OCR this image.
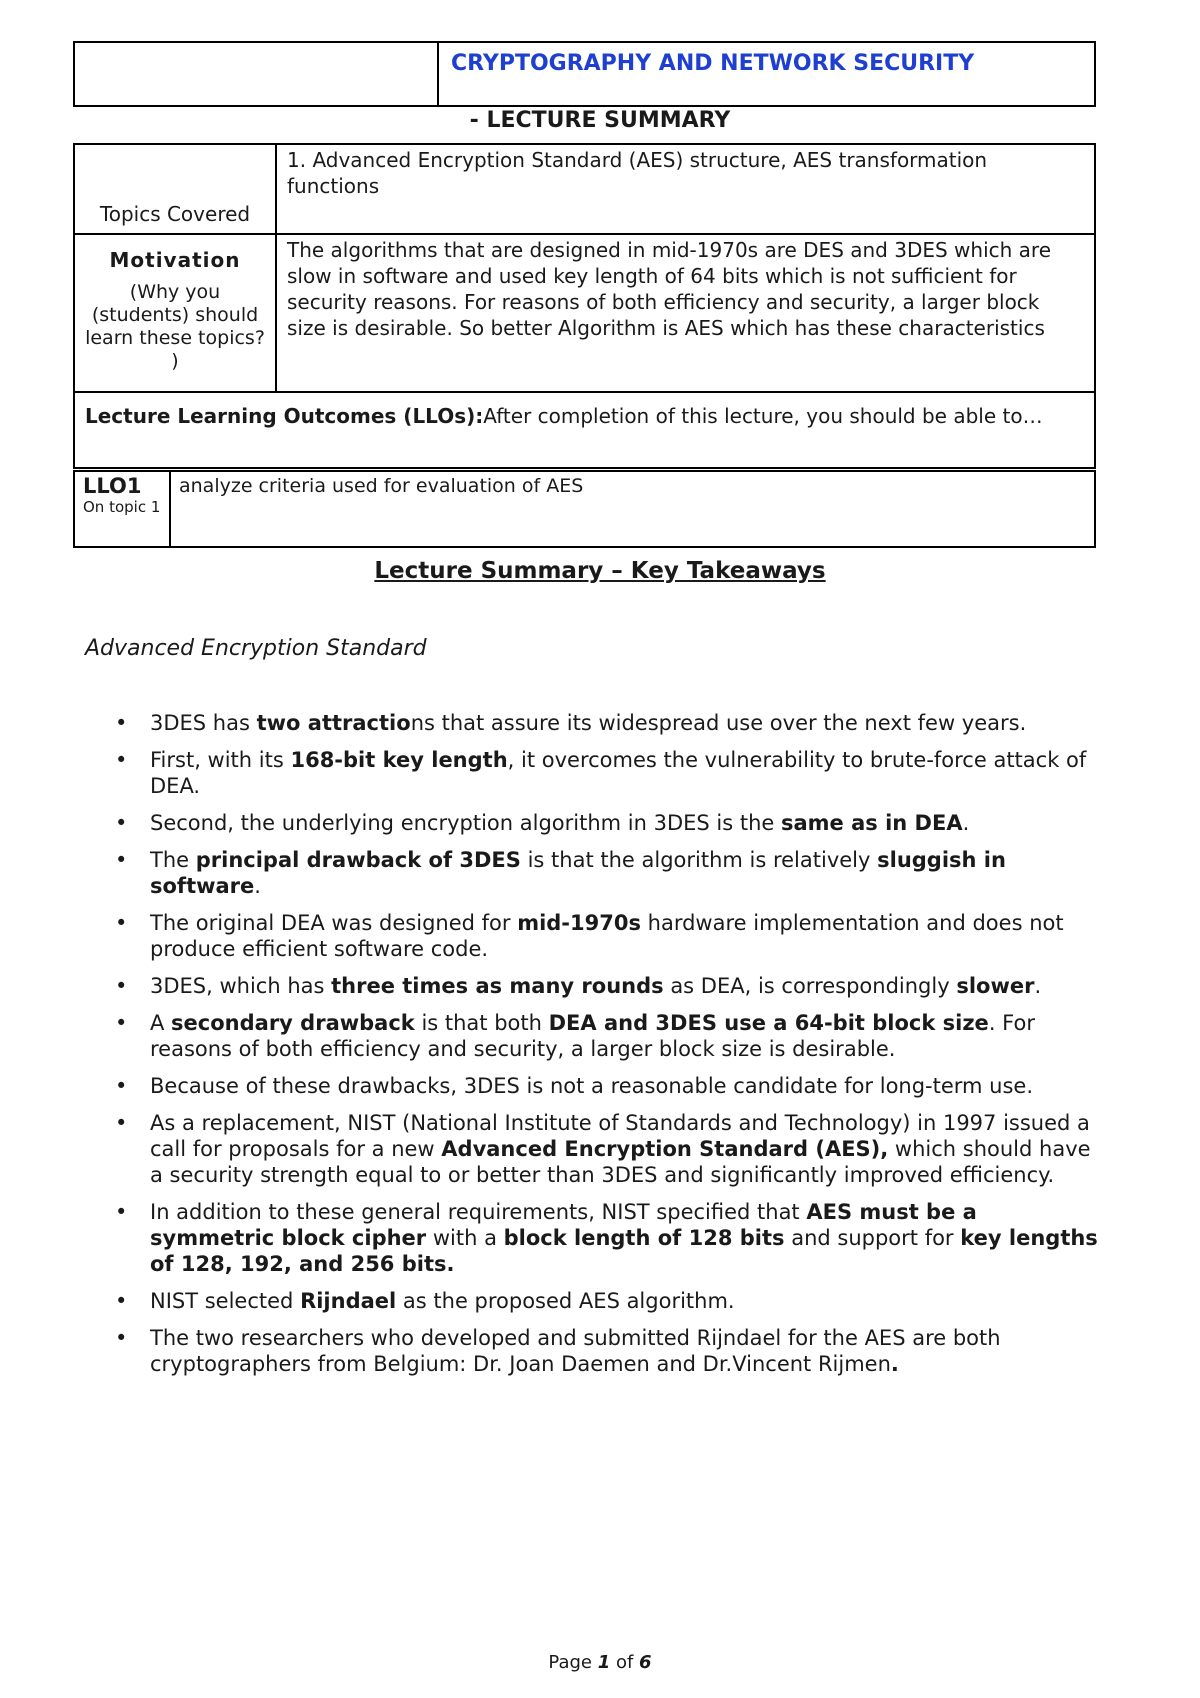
CRYPTOGRAPHY AND NETWORK SECURITY
- LECTURE SUMMARY
Topics Covered	1. Advanced Encryption Standard (AES) structure, AES transformation functions

Motivation
(Why you (students) should learn these topics? )	The algorithms that are designed in mid-1970s are DES and 3DES which are slow in software and used key length of 64 bits which is not sufficient for security reasons. For reasons of both efficiency and security, a larger block size is desirable. So better Algorithm is AES which has these characteristics
Lecture Learning Outcomes (LLOs):After completion of this lecture, you should be able to…	
LLO1
On topic 1
	analyze criteria used for evaluation of AES
Lecture Summary – Key Takeaways
Advanced Encryption Standard
• 3DES has two attractions that assure its widespread use over the next few years.
• First, with its 168-bit key length, it overcomes the vulnerability to brute-force attack of DEA.
• Second, the underlying encryption algorithm in 3DES is the same as in DEA.
• The principal drawback of 3DES is that the algorithm is relatively sluggish in software.
• The original DEA was designed for mid-1970s hardware implementation and does not produce efficient software code.
• 3DES, which has three times as many rounds as DEA, is correspondingly slower.
• A secondary drawback is that both DEA and 3DES use a 64-bit block size. For reasons of both efficiency and security, a larger block size is desirable.
• Because of these drawbacks, 3DES is not a reasonable candidate for long-term use.
• As a replacement, NIST (National Institute of Standards and Technology) in 1997 issued a call for proposals for a new Advanced Encryption Standard (AES), which should have a security strength equal to or better than 3DES and significantly improved efficiency.
• In addition to these general requirements, NIST specified that AES must be a symmetric block cipher with a block length of 128 bits and support for key lengths of 128, 192, and 256 bits.
• NIST selected Rijndael as the proposed AES algorithm.
• The two researchers who developed and submitted Rijndael for the AES are both cryptographers from Belgium: Dr. Joan Daemen and Dr.Vincent Rijmen.
Page 1 of 6
